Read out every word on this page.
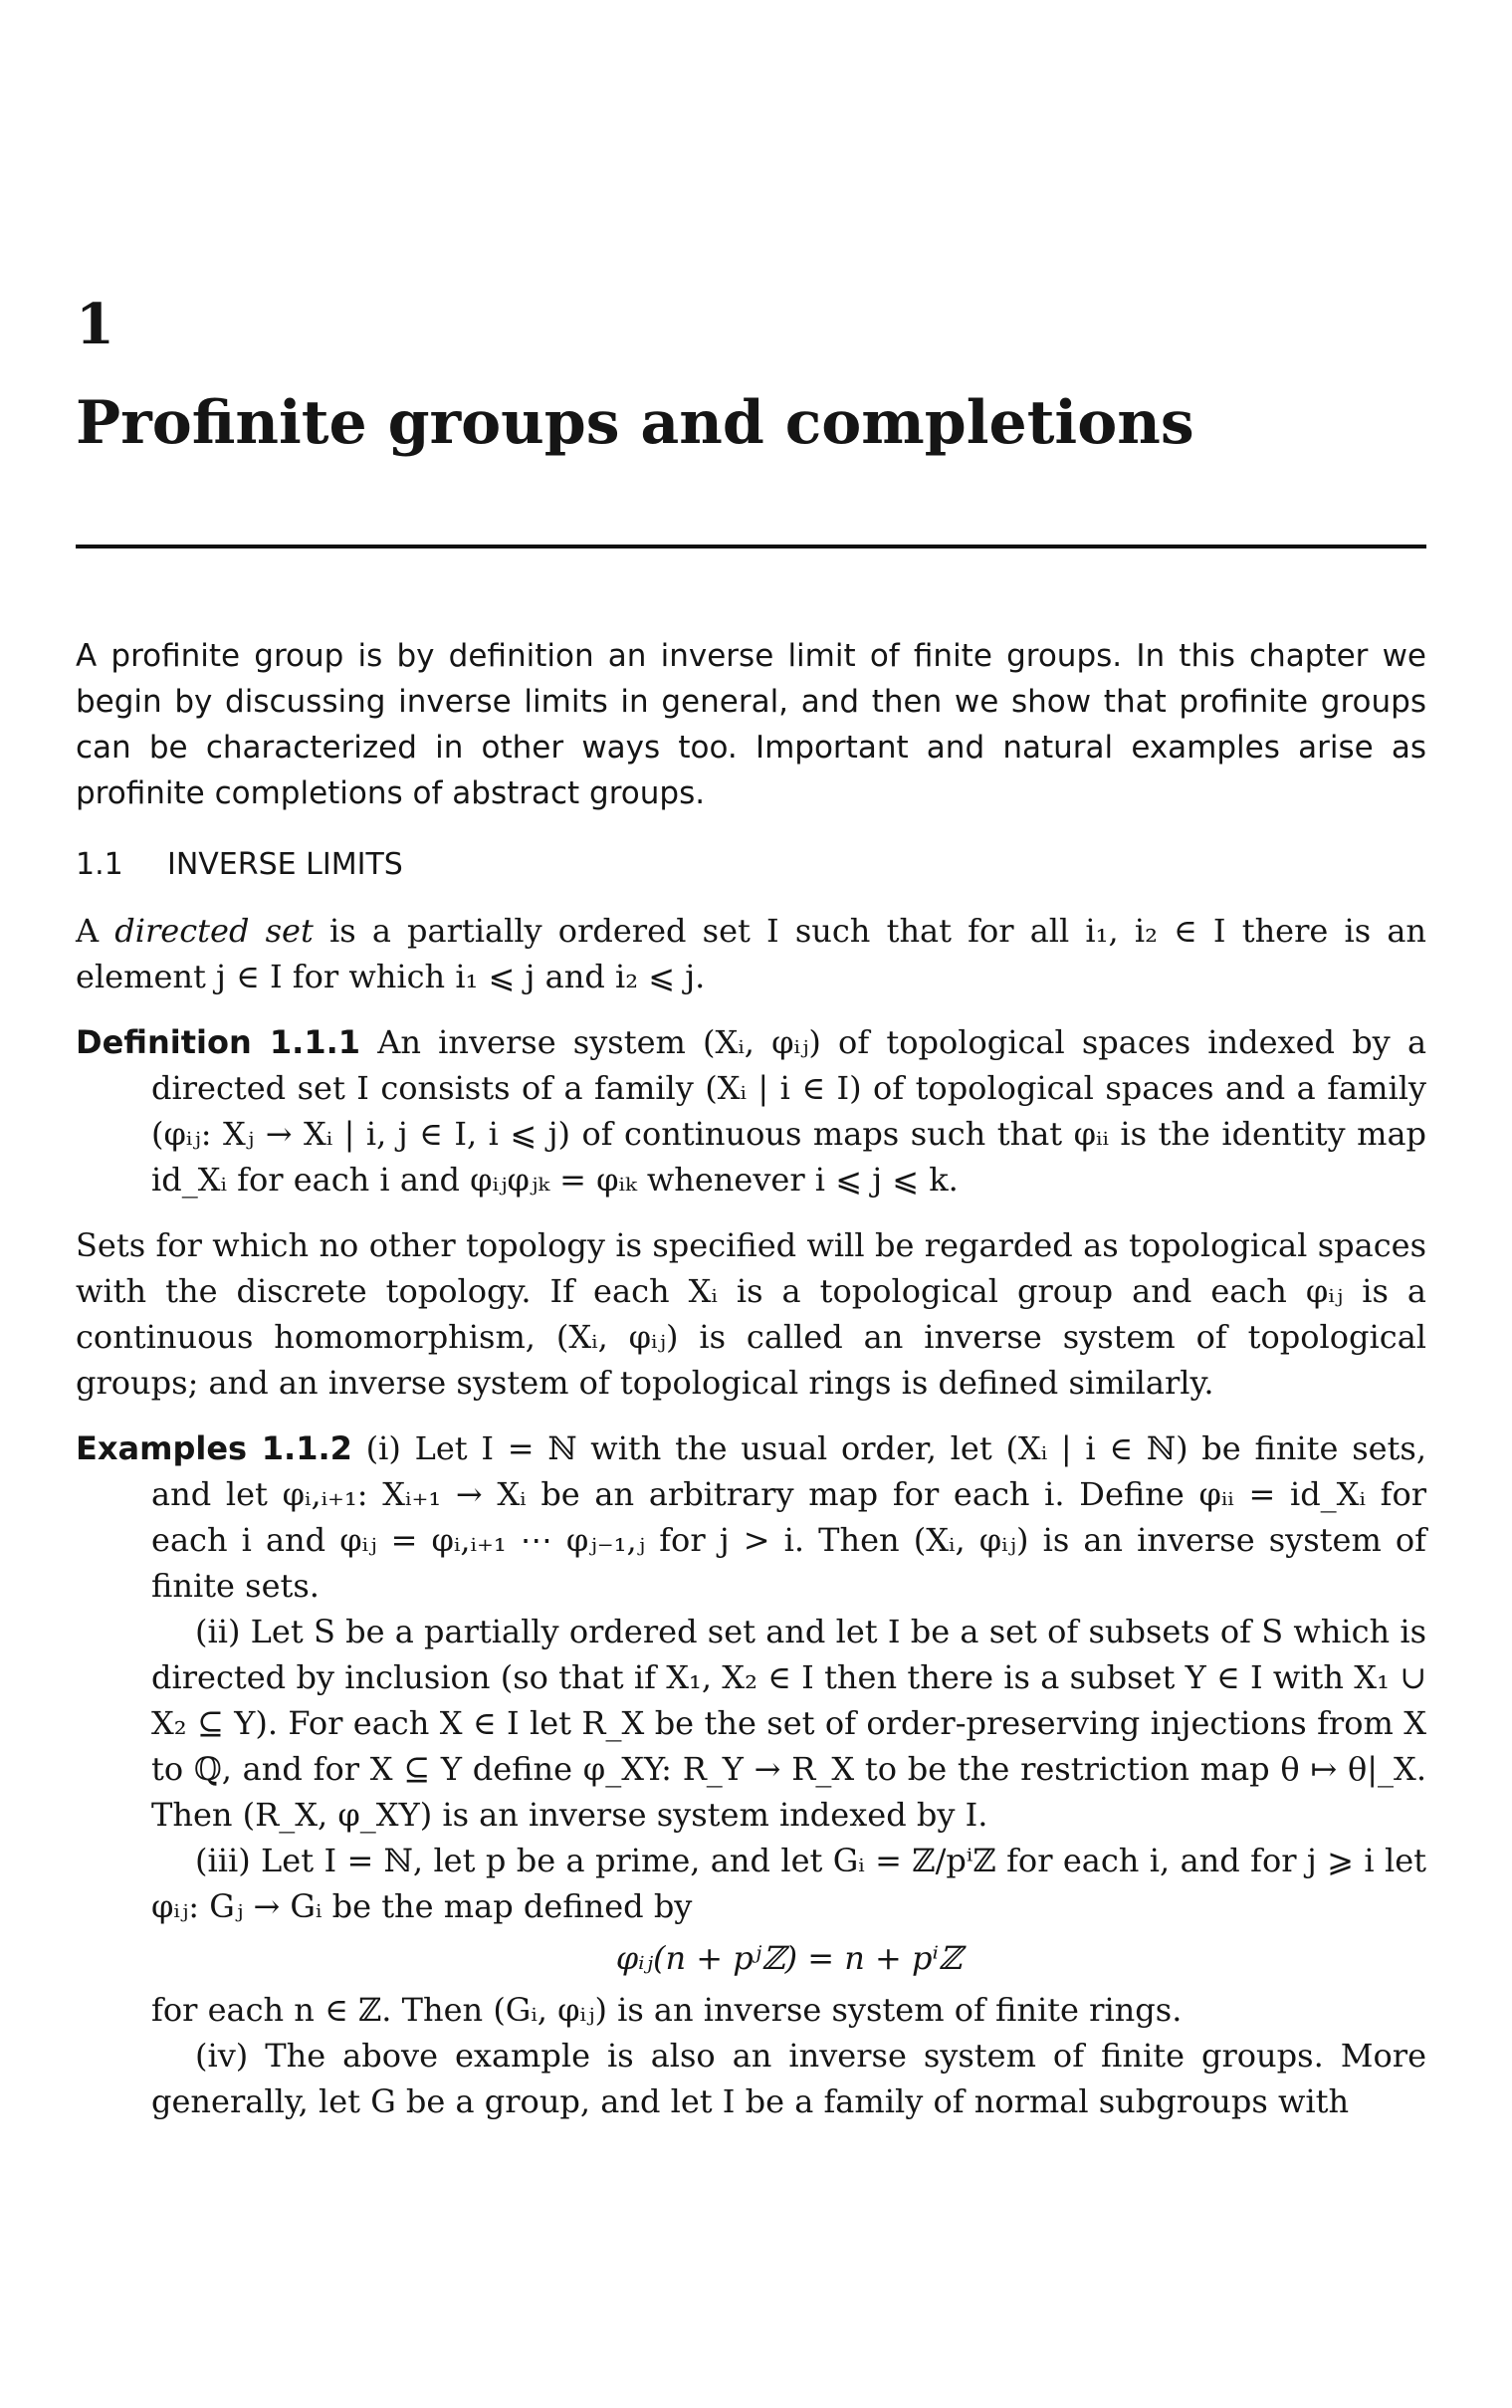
1
Profinite groups and completions

A profinite group is by definition an inverse limit of finite groups. In this chapter we begin by discussing inverse limits in general, and then we show that profinite groups can be characterized in other ways too. Important and natural examples arise as profinite completions of abstract groups.

1.1 INVERSE LIMITS

A directed set is a partially ordered set I such that for all i₁, i₂ ∈ I there is an element j ∈ I for which i₁ ⩽ j and i₂ ⩽ j.

Definition 1.1.1 An inverse system (Xᵢ, φᵢⱼ) of topological spaces indexed by a directed set I consists of a family (Xᵢ | i ∈ I) of topological spaces and a family (φᵢⱼ: Xⱼ → Xᵢ | i, j ∈ I, i ⩽ j) of continuous maps such that φᵢᵢ is the identity map id_Xᵢ for each i and φᵢⱼφⱼₖ = φᵢₖ whenever i ⩽ j ⩽ k.

Sets for which no other topology is specified will be regarded as topological spaces with the discrete topology. If each Xᵢ is a topological group and each φᵢⱼ is a continuous homomorphism, (Xᵢ, φᵢⱼ) is called an inverse system of topological groups; and an inverse system of topological rings is defined similarly.

Examples 1.1.2 (i) Let I = ℕ with the usual order, let (Xᵢ | i ∈ ℕ) be finite sets, and let φᵢ,ᵢ₊₁: Xᵢ₊₁ → Xᵢ be an arbitrary map for each i. Define φᵢᵢ = id_Xᵢ for each i and φᵢⱼ = φᵢ,ᵢ₊₁ ⋯ φⱼ₋₁,ⱼ for j > i. Then (Xᵢ, φᵢⱼ) is an inverse system of finite sets.

(ii) Let S be a partially ordered set and let I be a set of subsets of S which is directed by inclusion (so that if X₁, X₂ ∈ I then there is a subset Y ∈ I with X₁ ∪ X₂ ⊆ Y). For each X ∈ I let R_X be the set of order-preserving injections from X to ℚ, and for X ⊆ Y define φ_XY: R_Y → R_X to be the restriction map θ ↦ θ|_X. Then (R_X, φ_XY) is an inverse system indexed by I.

(iii) Let I = ℕ, let p be a prime, and let Gᵢ = ℤ/pⁱℤ for each i, and for j ⩾ i let φᵢⱼ: Gⱼ → Gᵢ be the map defined by

φᵢⱼ(n + pʲℤ) = n + pⁱℤ

for each n ∈ ℤ. Then (Gᵢ, φᵢⱼ) is an inverse system of finite rings.

(iv) The above example is also an inverse system of finite groups. More generally, let G be a group, and let I be a family of normal subgroups with
